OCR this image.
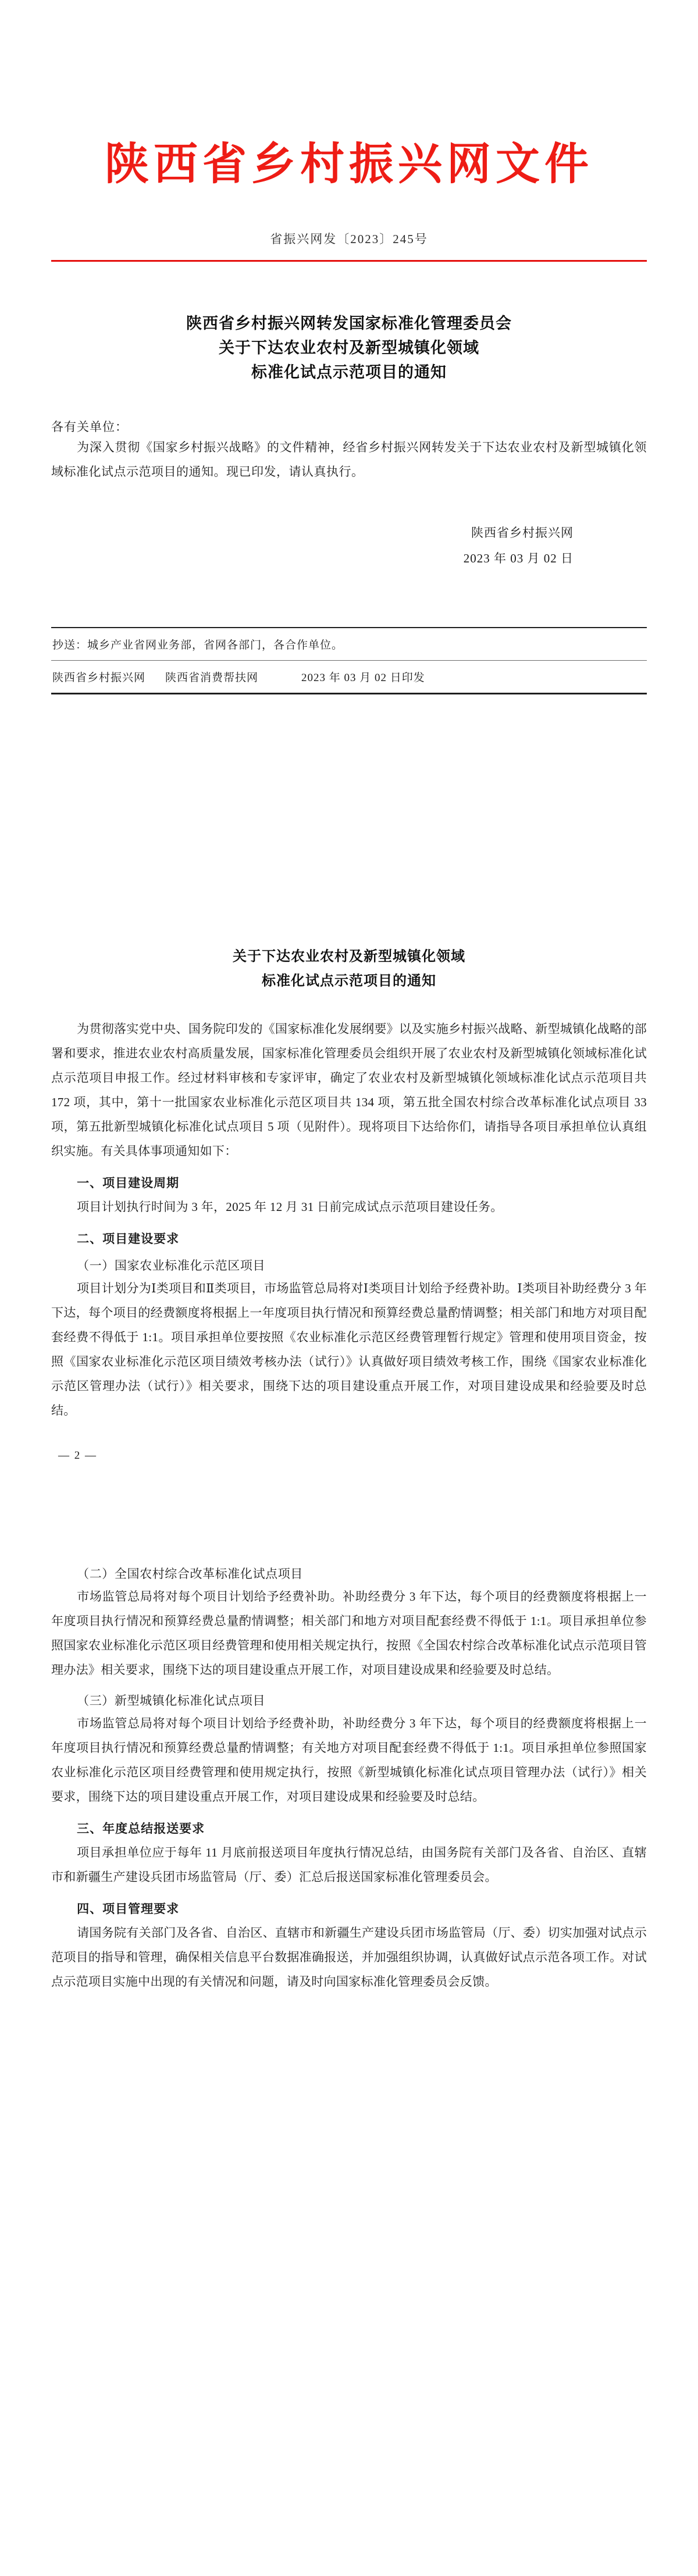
陕西省乡村振兴网文件
省振兴网发〔2023〕245号
陕西省乡村振兴网转发国家标准化管理委员会
关于下达农业农村及新型城镇化领域
标准化试点示范项目的通知
各有关单位：

为深入贯彻《国家乡村振兴战略》的文件精神，经省乡村振兴网转发关于下达农业农村及新型城镇化领域标准化试点示范项目的通知。现已印发，请认真执行。

陕西省乡村振兴网
2023 年 03 月 02 日
抄送：城乡产业省网业务部，省网各部门，各合作单位。
陕西省乡村振兴网 陕西省消费帮扶网	2023 年 03 月 02 日印发
关于下达农业农村及新型城镇化领域
标准化试点示范项目的通知

为贯彻落实党中央、国务院印发的《国家标准化发展纲要》以及实施乡村振兴战略、新型城镇化战略的部署和要求，推进农业农村高质量发展，国家标准化管理委员会组织开展了农业农村及新型城镇化领域标准化试点示范项目申报工作。经过材料审核和专家评审，确定了农业农村及新型城镇化领域标准化试点示范项目共 172 项，其中，第十一批国家农业标准化示范区项目共 134 项，第五批全国农村综合改革标准化试点项目 33 项，第五批新型城镇化标准化试点项目 5 项（见附件）。现将项目下达给你们，请指导各项目承担单位认真组织实施。有关具体事项通知如下：

一、项目建设周期

项目计划执行时间为 3 年，2025 年 12 月 31 日前完成试点示范项目建设任务。

二、项目建设要求
（一）国家农业标准化示范区项目

项目计划分为Ⅰ类项目和Ⅱ类项目，市场监管总局将对Ⅰ类项目计划给予经费补助。Ⅰ类项目补助经费分 3 年下达，每个项目的经费额度将根据上一年度项目执行情况和预算经费总量酌情调整；相关部门和地方对项目配套经费不得低于 1:1。项目承担单位要按照《农业标准化示范区经费管理暂行规定》管理和使用项目资金，按照《国家农业标准化示范区项目绩效考核办法（试行）》认真做好项目绩效考核工作，围绕《国家农业标准化示范区管理办法（试行）》相关要求，围绕下达的项目建设重点开展工作，对项目建设成果和经验要及时总结。

— 2 —
（二）全国农村综合改革标准化试点项目

市场监管总局将对每个项目计划给予经费补助。补助经费分 3 年下达，每个项目的经费额度将根据上一年度项目执行情况和预算经费总量酌情调整；相关部门和地方对项目配套经费不得低于 1:1。项目承担单位参照国家农业标准化示范区项目经费管理和使用相关规定执行，按照《全国农村综合改革标准化试点示范项目管理办法》相关要求，围绕下达的项目建设重点开展工作，对项目建设成果和经验要及时总结。

（三）新型城镇化标准化试点项目

市场监管总局将对每个项目计划给予经费补助，补助经费分 3 年下达，每个项目的经费额度将根据上一年度项目执行情况和预算经费总量酌情调整；有关地方对项目配套经费不得低于 1:1。项目承担单位参照国家农业标准化示范区项目经费管理和使用规定执行，按照《新型城镇化标准化试点项目管理办法（试行）》相关要求，围绕下达的项目建设重点开展工作，对项目建设成果和经验要及时总结。

三、年度总结报送要求

项目承担单位应于每年 11 月底前报送项目年度执行情况总结，由国务院有关部门及各省、自治区、直辖市和新疆生产建设兵团市场监管局（厅、委）汇总后报送国家标准化管理委员会。

四、项目管理要求

请国务院有关部门及各省、自治区、直辖市和新疆生产建设兵团市场监管局（厅、委）切实加强对试点示范项目的指导和管理，确保相关信息平台数据准确报送，并加强组织协调，认真做好试点示范各项工作。对试点示范项目实施中出现的有关情况和问题，请及时向国家标准化管理委员会反馈。
